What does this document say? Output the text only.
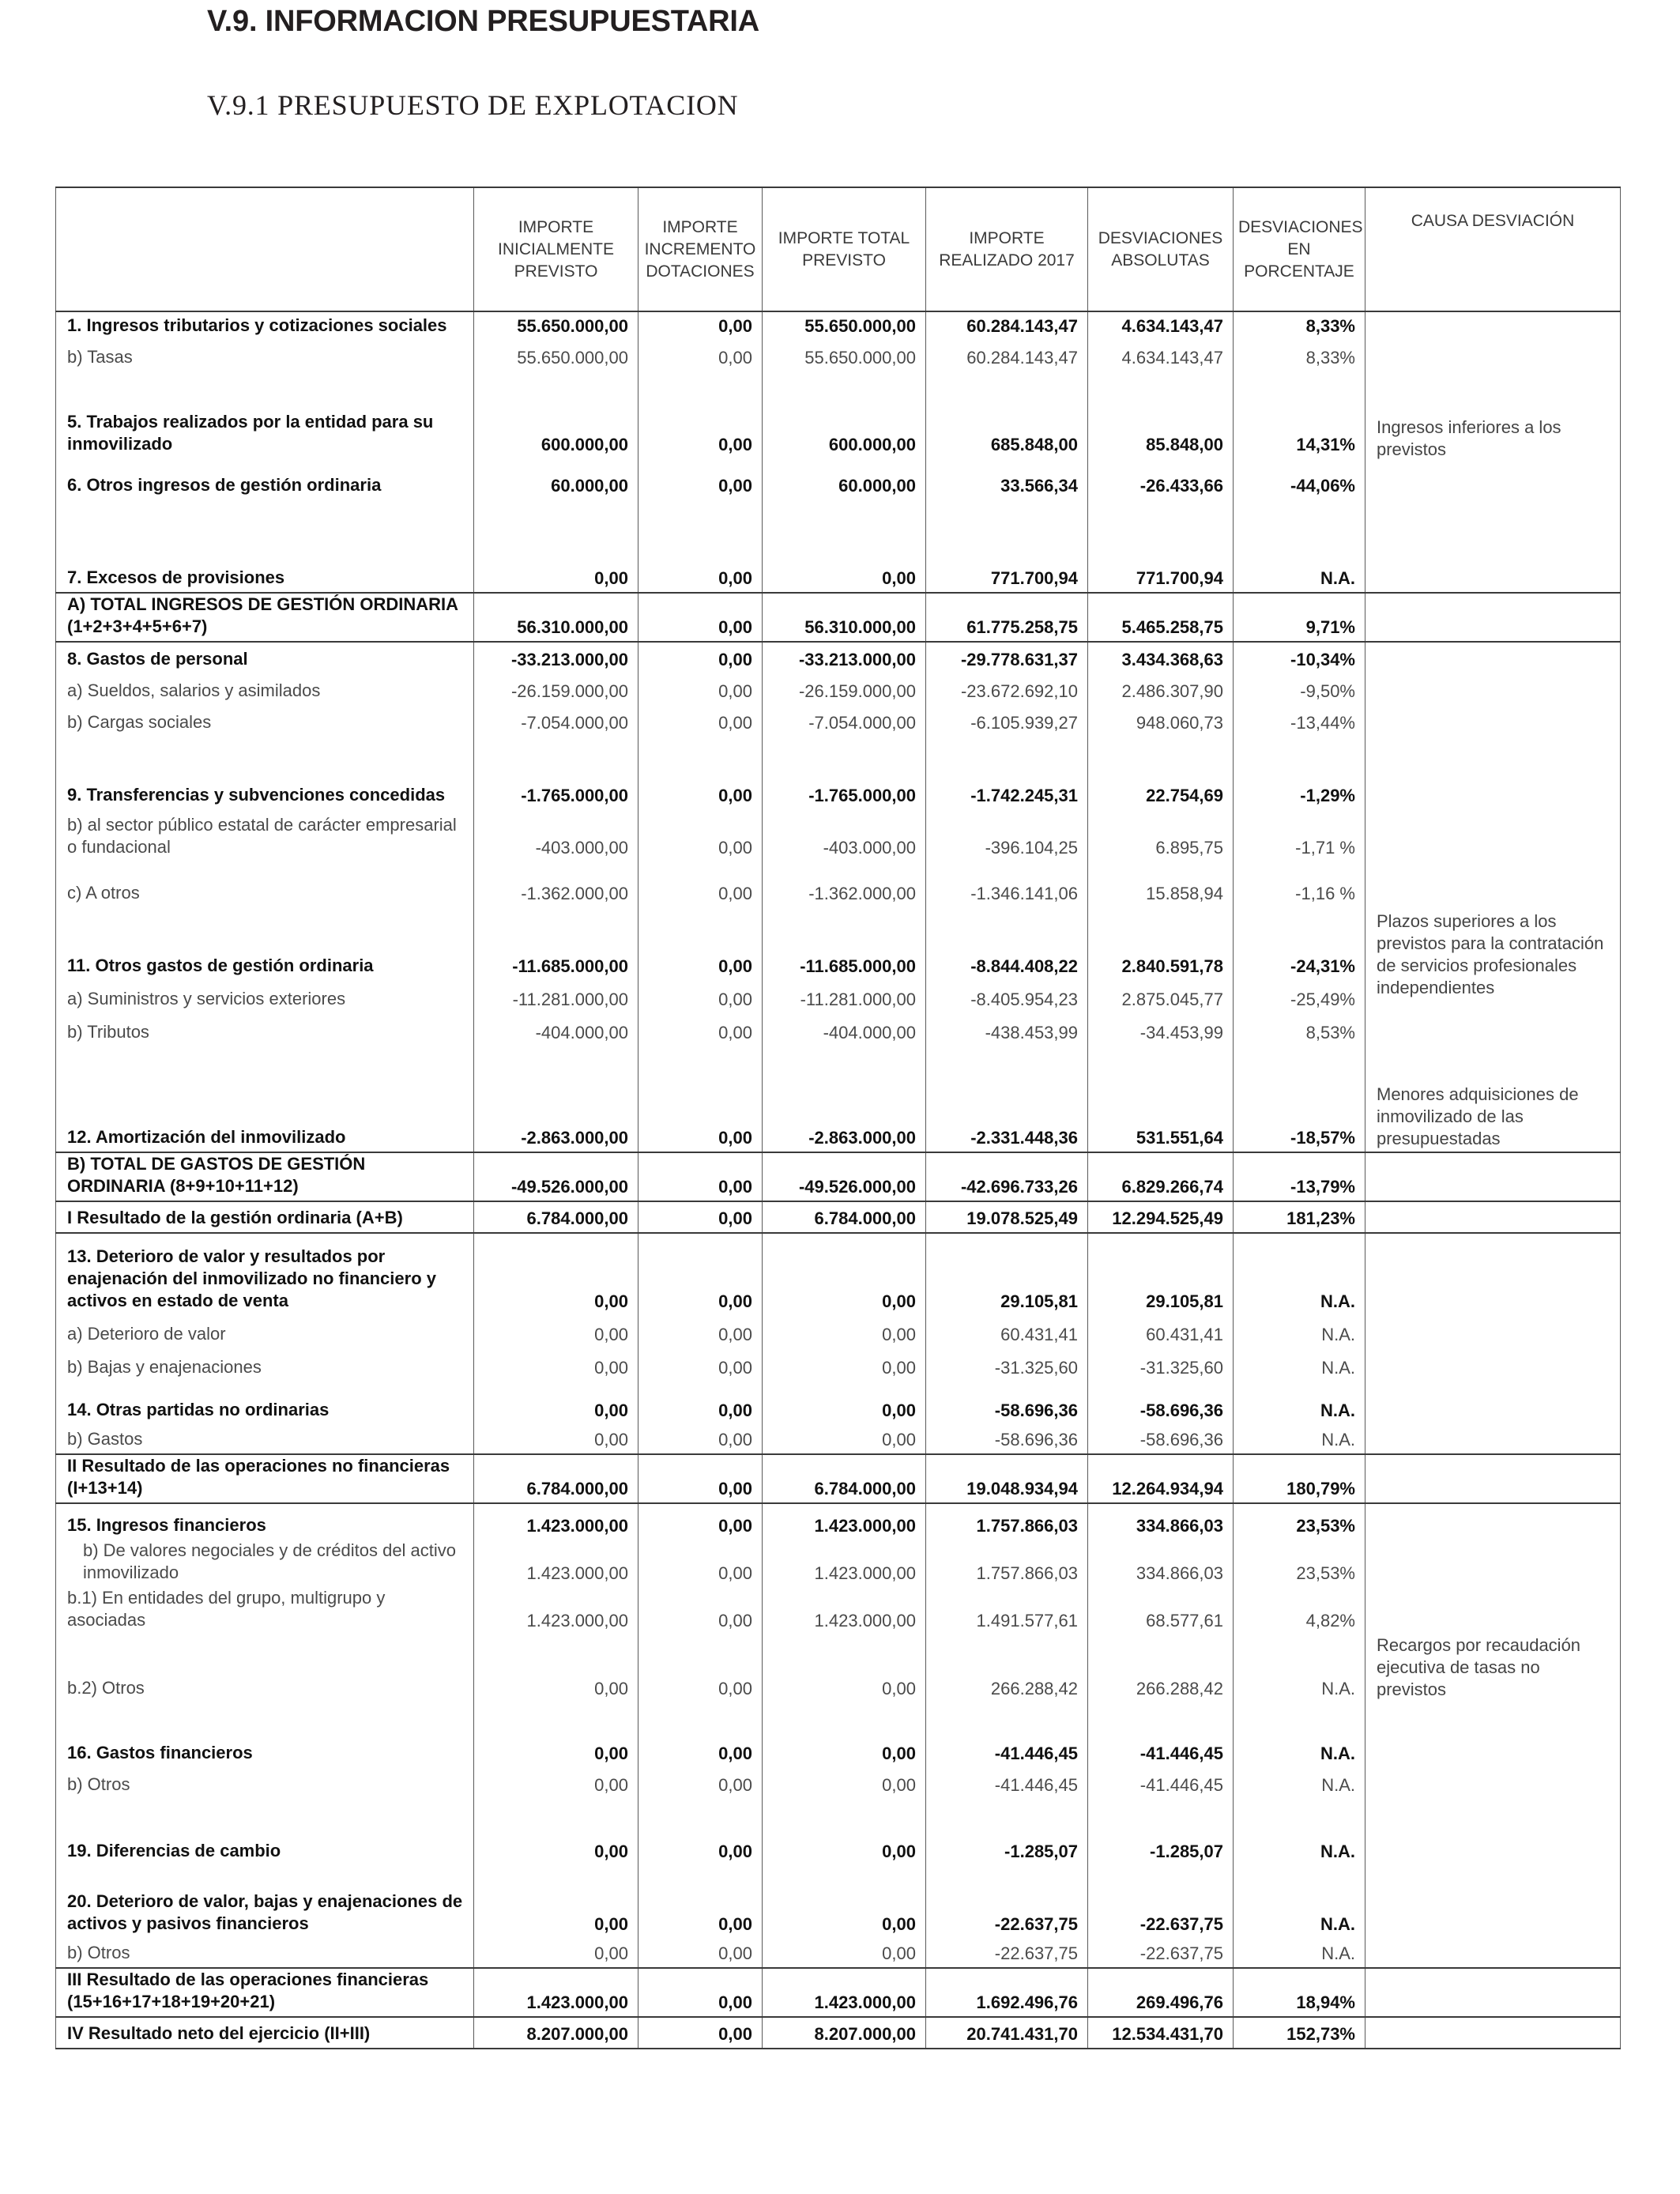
V.9. INFORMACION PRESUPUESTARIA
V.9.1 PRESUPUESTO DE EXPLOTACION
	IMPORTE INICIALMENTE PREVISTO	IMPORTE INCREMENTO DOTACIONES	IMPORTE TOTAL PREVISTO	IMPORTE REALIZADO 2017	DESVIACIONES ABSOLUTAS	DESVIACIONES EN PORCENTAJE	CAUSA DESVIACIÓN
1. Ingresos tributarios y cotizaciones sociales	55.650.000,00	0,00	55.650.000,00	60.284.143,47	4.634.143,47	8,33%	
b) Tasas	55.650.000,00	0,00	55.650.000,00	60.284.143,47	4.634.143,47	8,33%	
5. Trabajos realizados por la entidad para su inmovilizado	600.000,00	0,00	600.000,00	685.848,00	85.848,00	14,31%	Ingresos inferiores a los previstos
6. Otros ingresos de gestión ordinaria	60.000,00	0,00	60.000,00	33.566,34	-26.433,66	-44,06%	
7. Excesos de provisiones	0,00	0,00	0,00	771.700,94	771.700,94	N.A.	
A) TOTAL INGRESOS DE GESTIÓN ORDINARIA (1+2+3+4+5+6+7)	56.310.000,00	0,00	56.310.000,00	61.775.258,75	5.465.258,75	9,71%	
8. Gastos de personal	-33.213.000,00	0,00	-33.213.000,00	-29.778.631,37	3.434.368,63	-10,34%	
a) Sueldos, salarios y asimilados	-26.159.000,00	0,00	-26.159.000,00	-23.672.692,10	2.486.307,90	-9,50%	
b) Cargas sociales	-7.054.000,00	0,00	-7.054.000,00	-6.105.939,27	948.060,73	-13,44%	
9. Transferencias y subvenciones concedidas	-1.765.000,00	0,00	-1.765.000,00	-1.742.245,31	22.754,69	-1,29%	
b) al sector público estatal de carácter empresarial o fundacional	-403.000,00	0,00	-403.000,00	-396.104,25	6.895,75	-1,71 %	
c) A otros	-1.362.000,00	0,00	-1.362.000,00	-1.346.141,06	15.858,94	-1,16 %	
11. Otros gastos de gestión ordinaria	-11.685.000,00	0,00	-11.685.000,00	-8.844.408,22	2.840.591,78	-24,31%	Plazos superiores a los previstos para la contratación de servicios profesionales independientes
a) Suministros y servicios exteriores	-11.281.000,00	0,00	-11.281.000,00	-8.405.954,23	2.875.045,77	-25,49%	
b) Tributos	-404.000,00	0,00	-404.000,00	-438.453,99	-34.453,99	8,53%	
12. Amortización del inmovilizado	-2.863.000,00	0,00	-2.863.000,00	-2.331.448,36	531.551,64	-18,57%	Menores adquisiciones de inmovilizado de las presupuestadas
B) TOTAL DE GASTOS DE GESTIÓN ORDINARIA (8+9+10+11+12)	-49.526.000,00	0,00	-49.526.000,00	-42.696.733,26	6.829.266,74	-13,79%	
I Resultado de la gestión ordinaria (A+B)	6.784.000,00	0,00	6.784.000,00	19.078.525,49	12.294.525,49	181,23%	
13. Deterioro de valor y resultados por enajenación del inmovilizado no financiero y activos en estado de venta	0,00	0,00	0,00	29.105,81	29.105,81	N.A.	
a) Deterioro de valor	0,00	0,00	0,00	60.431,41	60.431,41	N.A.	
b) Bajas y enajenaciones	0,00	0,00	0,00	-31.325,60	-31.325,60	N.A.	
14. Otras partidas no ordinarias	0,00	0,00	0,00	-58.696,36	-58.696,36	N.A.	
b) Gastos	0,00	0,00	0,00	-58.696,36	-58.696,36	N.A.	
II Resultado de las operaciones no financieras (I+13+14)	6.784.000,00	0,00	6.784.000,00	19.048.934,94	12.264.934,94	180,79%	
15. Ingresos financieros	1.423.000,00	0,00	1.423.000,00	1.757.866,03	334.866,03	23,53%	
b) De valores negociales y de créditos del activo inmovilizado	1.423.000,00	0,00	1.423.000,00	1.757.866,03	334.866,03	23,53%	
b.1) En entidades del grupo, multigrupo y asociadas	1.423.000,00	0,00	1.423.000,00	1.491.577,61	68.577,61	4,82%	
b.2) Otros	0,00	0,00	0,00	266.288,42	266.288,42	N.A.	Recargos por recaudación ejecutiva de tasas no previstos
16. Gastos financieros	0,00	0,00	0,00	-41.446,45	-41.446,45	N.A.	
b) Otros	0,00	0,00	0,00	-41.446,45	-41.446,45	N.A.	
19. Diferencias de cambio	0,00	0,00	0,00	-1.285,07	-1.285,07	N.A.	
20. Deterioro de valor, bajas y enajenaciones de activos y pasivos financieros	0,00	0,00	0,00	-22.637,75	-22.637,75	N.A.	
b) Otros	0,00	0,00	0,00	-22.637,75	-22.637,75	N.A.	
III Resultado de las operaciones financieras (15+16+17+18+19+20+21)	1.423.000,00	0,00	1.423.000,00	1.692.496,76	269.496,76	18,94%	
IV Resultado neto del ejercicio (II+III)	8.207.000,00	0,00	8.207.000,00	20.741.431,70	12.534.431,70	152,73%	
